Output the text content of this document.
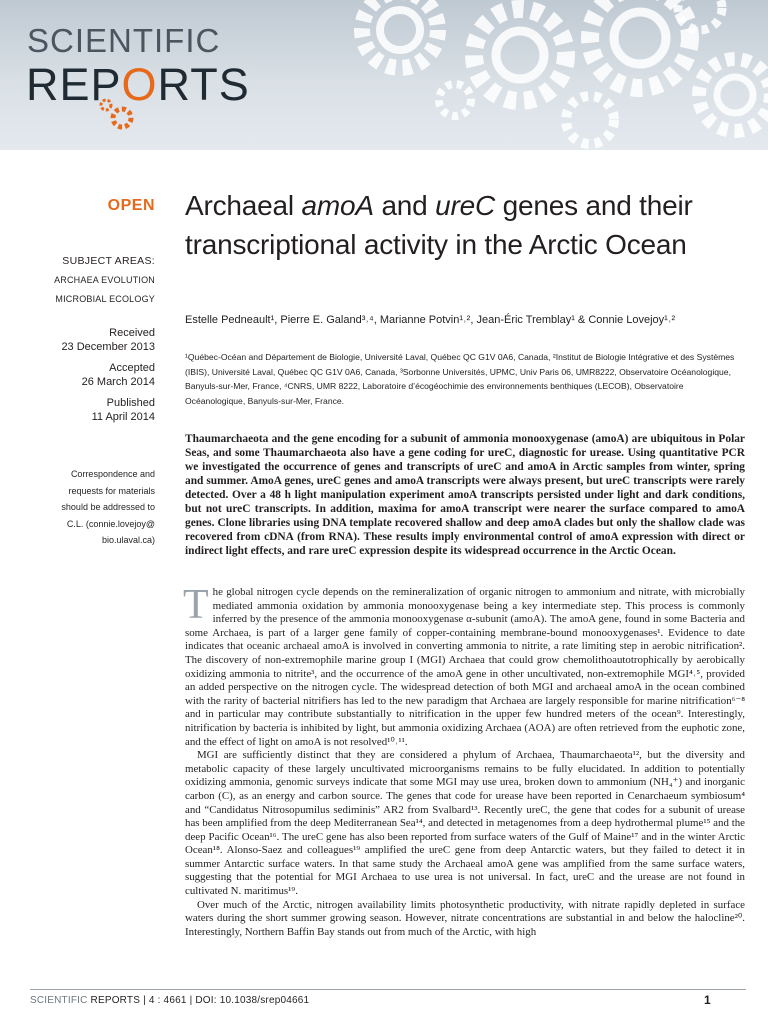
SCIENTIFIC
REPORTS
OPEN
SUBJECT AREAS:
ARCHAEA EVOLUTION
MICROBIAL ECOLOGY
Received
23 December 2013
Accepted
26 March 2014
Published
11 April 2014
Correspondence and
requests for materials
should be addressed to
C.L. (connie.lovejoy@
bio.ulaval.ca)
Archaeal amoA and ureC genes and their transcriptional activity in the Arctic Ocean
Estelle Pedneault¹, Pierre E. Galand³˒⁴, Marianne Potvin¹˒², Jean-Éric Tremblay¹ & Connie Lovejoy¹˒²
¹Québec-Océan and Département de Biologie, Université Laval, Québec QC G1V 0A6, Canada, ²Institut de Biologie Intégrative et des Systèmes (IBIS), Université Laval, Québec QC G1V 0A6, Canada, ³Sorbonne Universités, UPMC, Univ Paris 06, UMR8222, Observatoire Océanologique, Banyuls-sur-Mer, France, ⁴CNRS, UMR 8222, Laboratoire d’écogéochimie des environnements benthiques (LECOB), Observatoire Océanologique, Banyuls-sur-Mer, France.
Thaumarchaeota and the gene encoding for a subunit of ammonia monooxygenase (amoA) are ubiquitous in Polar Seas, and some Thaumarchaeota also have a gene coding for ureC, diagnostic for urease. Using quantitative PCR we investigated the occurrence of genes and transcripts of ureC and amoA in Arctic samples from winter, spring and summer. AmoA genes, ureC genes and amoA transcripts were always present, but ureC transcripts were rarely detected. Over a 48 h light manipulation experiment amoA transcripts persisted under light and dark conditions, but not ureC transcripts. In addition, maxima for amoA transcript were nearer the surface compared to amoA genes. Clone libraries using DNA template recovered shallow and deep amoA clades but only the shallow clade was recovered from cDNA (from RNA). These results imply environmental control of amoA expression with direct or indirect light effects, and rare ureC expression despite its widespread occurrence in the Arctic Ocean.

The global nitrogen cycle depends on the remineralization of organic nitrogen to ammonium and nitrate, with microbially mediated ammonia oxidation by ammonia monooxygenase being a key intermediate step. This process is commonly inferred by the presence of the ammonia monooxygenase α-subunit (amoA). The amoA gene, found in some Bacteria and some Archaea, is part of a larger gene family of copper-containing membrane-bound monooxygenases¹. Evidence to date indicates that oceanic archaeal amoA is involved in converting ammonia to nitrite, a rate limiting step in aerobic nitrification². The discovery of non-extremophile marine group I (MGI) Archaea that could grow chemolithoautotrophically by aerobically oxidizing ammonia to nitrite³, and the occurrence of the amoA gene in other uncultivated, non-extremophile MGI⁴˒⁵, provided an added perspective on the nitrogen cycle. The widespread detection of both MGI and archaeal amoA in the ocean combined with the rarity of bacterial nitrifiers has led to the new paradigm that Archaea are largely responsible for marine nitrification⁶⁻⁸ and in particular may contribute substantially to nitrification in the upper few hundred meters of the ocean⁹. Interestingly, nitrification by bacteria is inhibited by light, but ammonia oxidizing Archaea (AOA) are often retrieved from the euphotic zone, and the effect of light on amoA is not resolved¹⁰˒¹¹.

MGI are sufficiently distinct that they are considered a phylum of Archaea, Thaumarchaeota¹², but the diversity and metabolic capacity of these largely uncultivated microorganisms remains to be fully elucidated. In addition to potentially oxidizing ammonia, genomic surveys indicate that some MGI may use urea, broken down to ammonium (NH₄⁺) and inorganic carbon (C), as an energy and carbon source. The genes that code for urease have been reported in Cenarchaeum symbiosum⁴ and “Candidatus Nitrosopumilus sediminis” AR2 from Svalbard¹³. Recently ureC, the gene that codes for a subunit of urease has been amplified from the deep Mediterranean Sea¹⁴, and detected in metagenomes from a deep hydrothermal plume¹⁵ and the deep Pacific Ocean¹⁶. The ureC gene has also been reported from surface waters of the Gulf of Maine¹⁷ and in the winter Arctic Ocean¹⁸. Alonso-Saez and colleagues¹⁹ amplified the ureC gene from deep Antarctic waters, but they failed to detect it in summer Antarctic surface waters. In that same study the Archaeal amoA gene was amplified from the same surface waters, suggesting that the potential for MGI Archaea to use urea is not universal. In fact, ureC and the urease are not found in cultivated N. maritimus¹⁹.

Over much of the Arctic, nitrogen availability limits photosynthetic productivity, with nitrate rapidly depleted in surface waters during the short summer growing season. However, nitrate concentrations are substantial in and below the halocline²⁰. Interestingly, Northern Baffin Bay stands out from much of the Arctic, with high

SCIENTIFIC REPORTS | 4 : 4661 | DOI: 10.1038/srep04661	1
